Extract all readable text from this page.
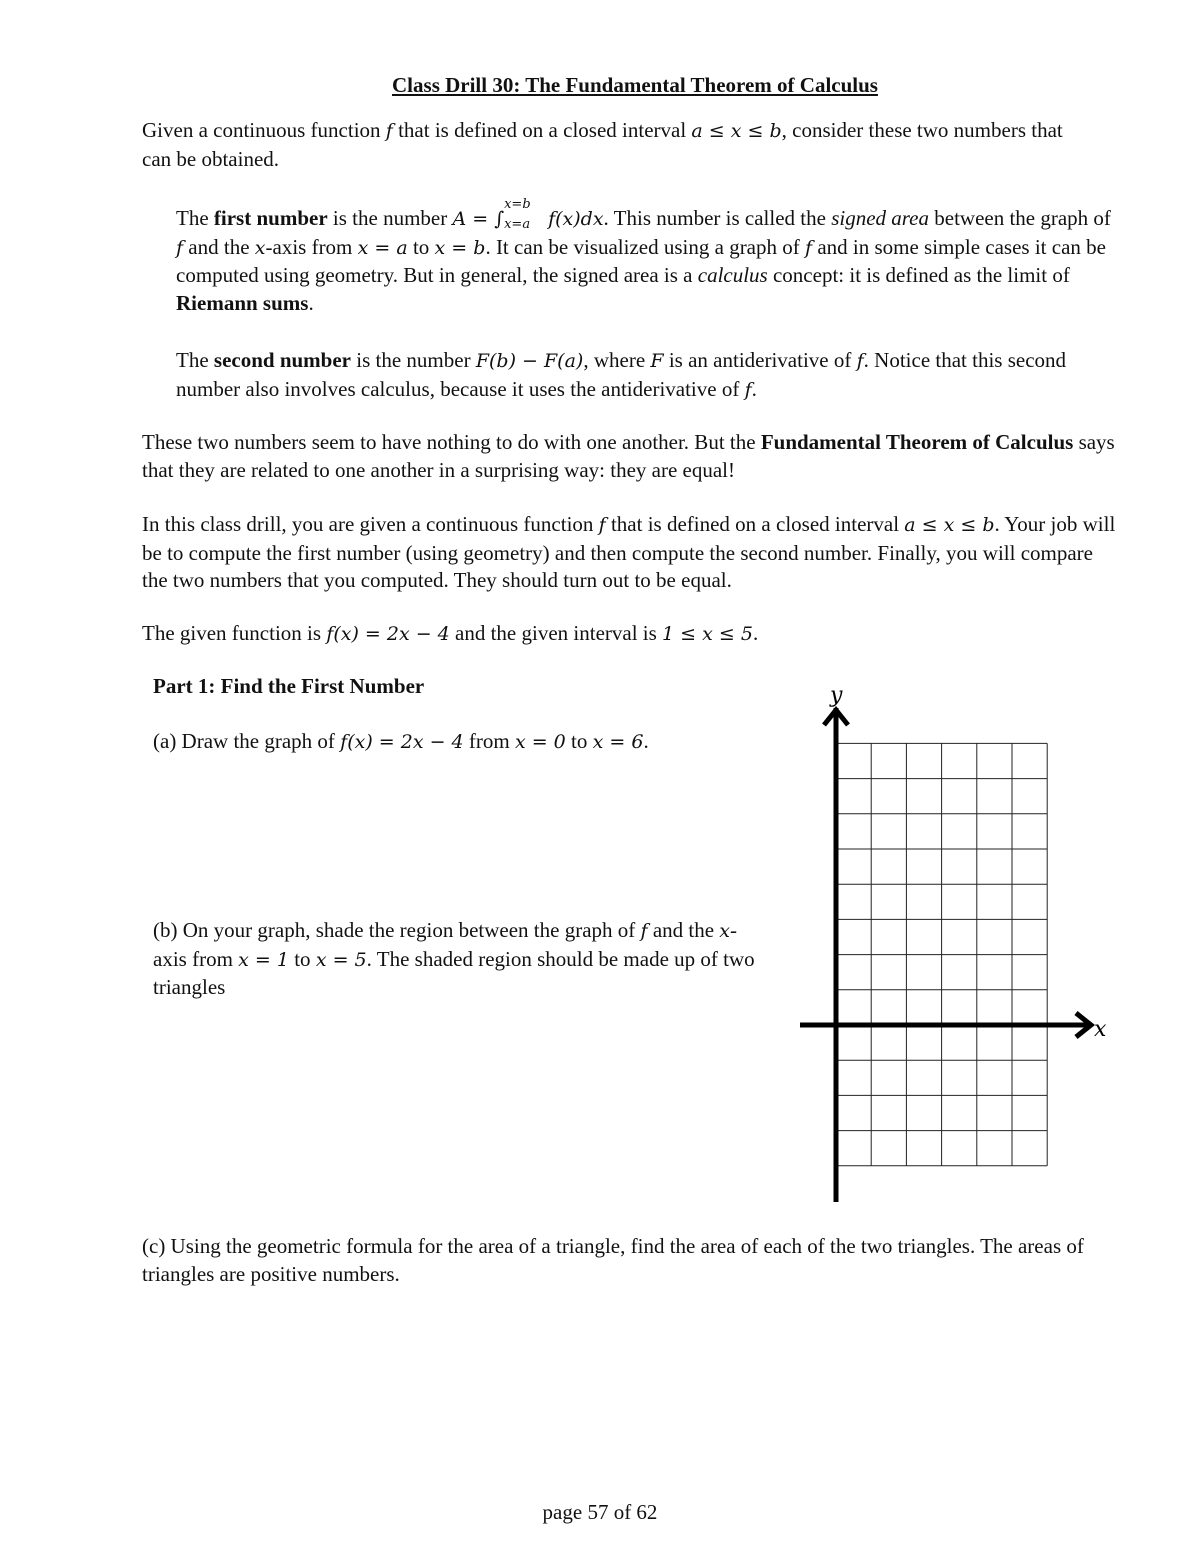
Class Drill 30: The Fundamental Theorem of Calculus
Given a continuous function f that is defined on a closed interval a ≤ x ≤ b, consider these two numbers that can be obtained.
The first number is the number A = ∫
x=b
x=a f(x)dx. This number is called the signed area between the graph of f and the x-axis from x = a to x = b. It can be visualized using a graph of f and in some simple cases it can be computed using geometry. But in general, the signed area is a calculus concept: it is defined as the limit of Riemann sums.
The second number is the number F(b) − F(a), where F is an antiderivative of f. Notice that this second number also involves calculus, because it uses the antiderivative of f.
These two numbers seem to have nothing to do with one another. But the Fundamental Theorem of Calculus says that they are related to one another in a surprising way: they are equal!
In this class drill, you are given a continuous function f that is defined on a closed interval a ≤ x ≤ b. Your job will be to compute the first number (using geometry) and then compute the second number. Finally, you will compare the two numbers that you computed. They should turn out to be equal.
The given function is f(x) = 2x − 4 and the given interval is 1 ≤ x ≤ 5.
Part 1: Find the First Number
(a) Draw the graph of f(x) = 2x − 4 from x = 0 to x = 6.
(b) On your graph, shade the region between the graph of f and the x-axis from x = 1 to x = 5. The shaded region should be made up of two triangles
y
x
(c) Using the geometric formula for the area of a triangle, find the area of each of the two triangles. The areas of triangles are positive numbers.
page 57 of 62
